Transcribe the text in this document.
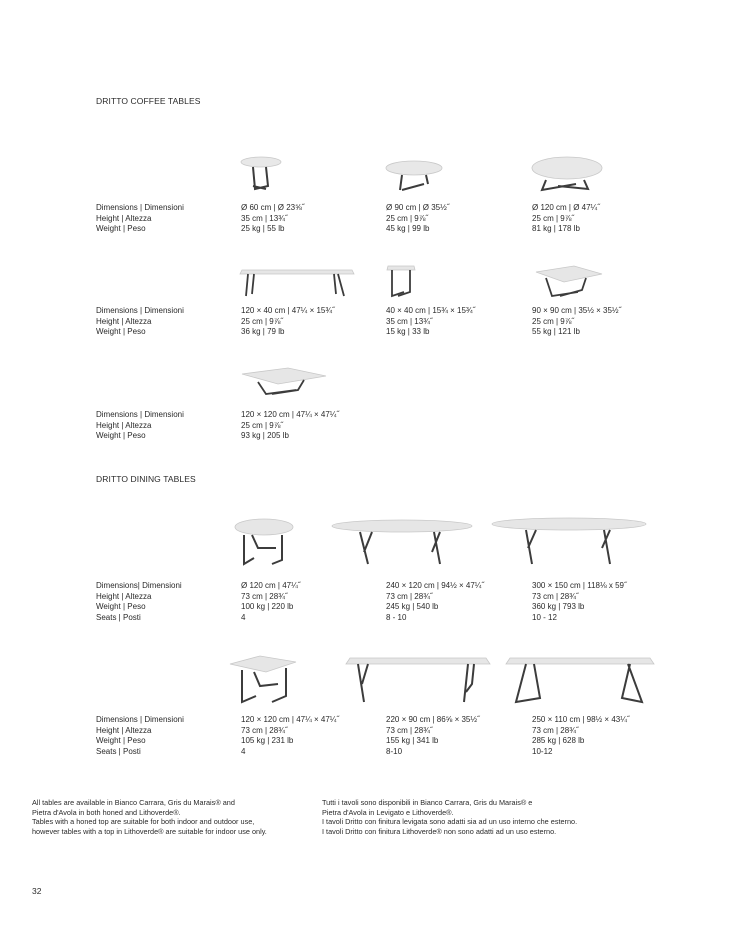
DRITTO COFFEE TABLES
Dimensions | Dimensioni
Height | Altezza
Weight | Peso
Ø 60 cm | Ø 23⅝˝
35 cm | 13¾˝
25 kg | 55 lb
Ø 90 cm | Ø 35½˝
25 cm | 9⅞˝
45 kg | 99 lb
Ø 120 cm | Ø 47¼˝
25 cm | 9⅞˝
81 kg | 178 lb
Dimensions | Dimensioni
Height | Altezza
Weight | Peso
120 × 40 cm | 47¼ × 15¾˝
25 cm | 9⅞˝
36 kg | 79 lb
40 × 40 cm | 15¾ × 15¾˝
35 cm | 13¾˝
15 kg | 33 lb
90 × 90 cm | 35½ × 35½˝
25 cm | 9⅞˝
55 kg | 121 lb
Dimensions | Dimensioni
Height | Altezza
Weight | Peso
120 × 120 cm | 47¼ × 47¼˝
25 cm | 9⅞˝
93 kg | 205 lb
DRITTO DINING TABLES
Dimensions| Dimensioni
Height | Altezza
Weight | Peso
Seats | Posti
Ø 120 cm | 47¼˝
73 cm | 28¾˝
100 kg | 220 lb
4
240 × 120 cm | 94½ × 47¼˝
73 cm | 28¾˝
245 kg | 540 lb
8 - 10
300 × 150 cm | 118⅛ x 59˝
73 cm | 28¾˝
360 kg | 793 lb
10 - 12
Dimensions | Dimensioni
Height | Altezza
Weight | Peso
Seats | Posti
120 × 120 cm | 47¼ × 47¼˝
73 cm | 28¾˝
105 kg | 231 lb
4
220 × 90 cm | 86⅝ × 35½˝
73 cm | 28¾˝
155 kg | 341 lb
8-10
250 × 110 cm | 98½ × 43¼˝
73 cm | 28¾˝
285 kg | 628 lb
10-12
All tables are available in Bianco Carrara, Gris du Marais® and
Pietra d'Avola in both honed and Lithoverde®.
Tables with a honed top are suitable for both indoor and outdoor use,
however tables with a top in Lithoverde® are suitable for indoor use only.
Tutti i tavoli sono disponibili in Bianco Carrara, Gris du Marais® e
Pietra d'Avola in Levigato e Lithoverde®.
I tavoli Dritto con finitura levigata sono adatti sia ad un uso interno che esterno.
I tavoli Dritto con finitura Lithoverde® non sono adatti ad un uso esterno.
32
